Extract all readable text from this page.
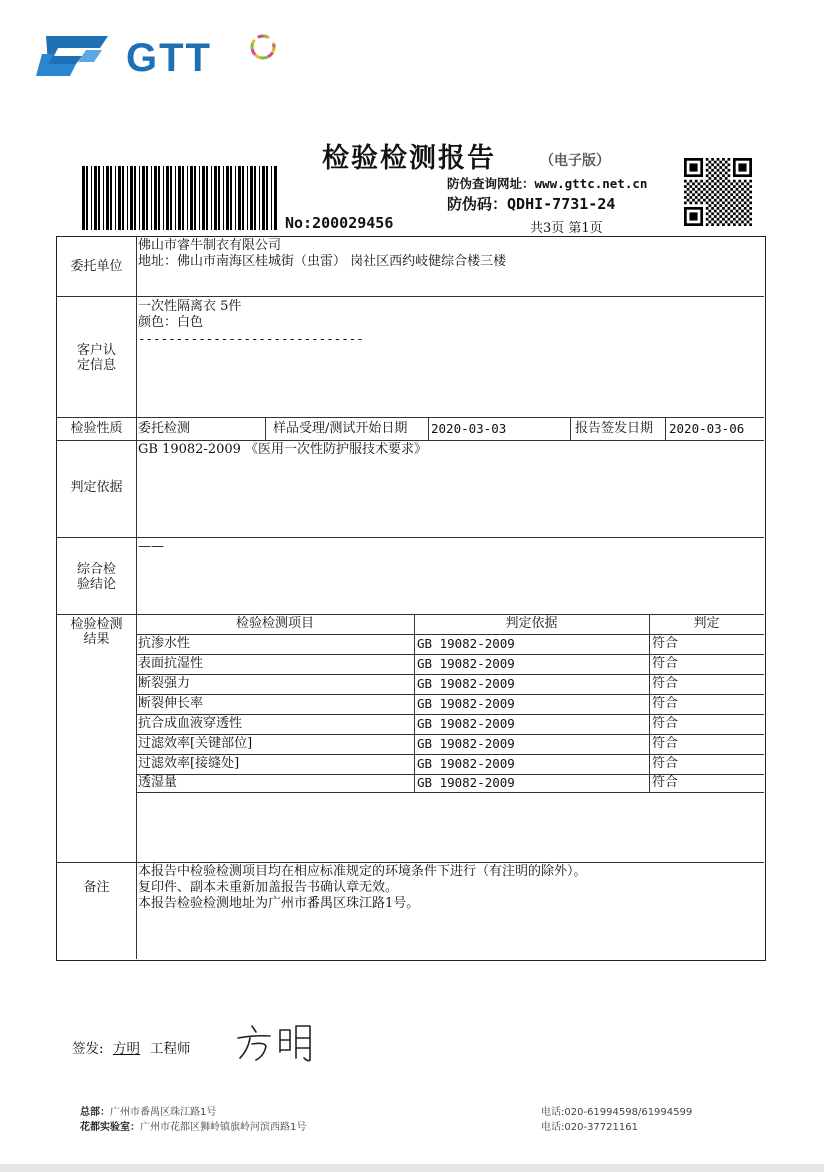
GTT
检验检测报告	（电子版）
No:200029456
防伪查询网址：www.gttc.net.cn
防伪码：QDHI-7731-24
共3页 第1页
委托单位
佛山市睿牛制衣有限公司
地址：佛山市南海区桂城街（虫雷） 岗社区西约岐健综合楼三楼
客户认定信息
一次性隔离衣 5件
颜色：白色
------------------------------
检验性质	委托检测	样品受理/测试开始日期 2020-03-03	报告签发日期 2020-03-06
判定依据
GB 19082-2009 《医用一次性防护服技术要求》
综合检验结论
——
检验检测结果
检验检测项目	判定依据	判定
抗渗水性	GB 19082-2009	符合
表面抗湿性	GB 19082-2009	符合
断裂强力	GB 19082-2009	符合
断裂伸长率	GB 19082-2009	符合
抗合成血液穿透性	GB 19082-2009	符合
过滤效率[关键部位]	GB 19082-2009	符合
过滤效率[接缝处]	GB 19082-2009	符合
透湿量	GB 19082-2009	符合
备注
本报告中检验检测项目均在相应标准规定的环境条件下进行（有注明的除外）。
复印件、副本未重新加盖报告书确认章无效。
本报告检验检测地址为广州市番禺区珠江路1号。
签发: 方明 工程师
总部：广州市番禺区珠江路1号
花都实验室：广州市花都区狮岭镇旗岭河滨西路1号
电话:020-61994598/61994599
电话:020-37721161
